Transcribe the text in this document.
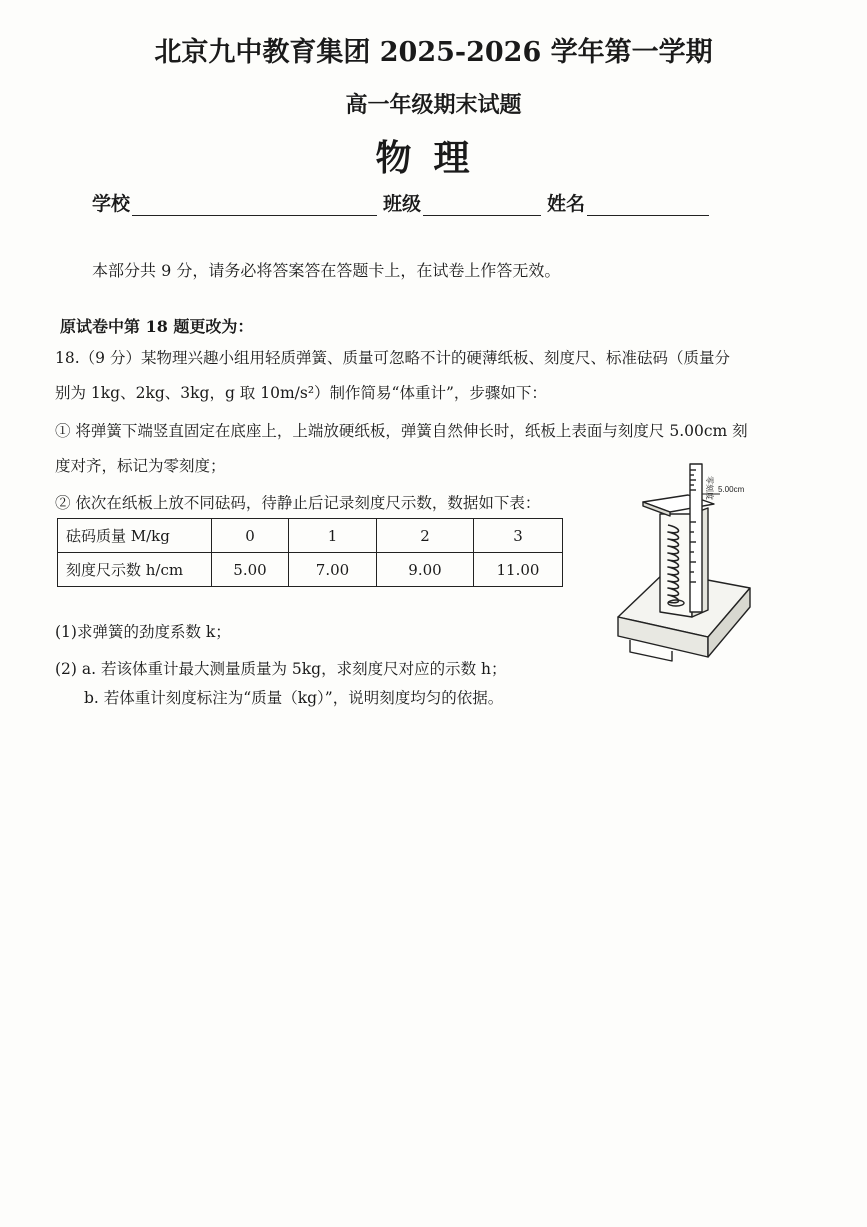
北京九中教育集团 2025-2026 学年第一学期
高一年级期末试题
物理
学校	班级	姓名
本部分共 9 分，请务必将答案答在答题卡上，在试卷上作答无效。
原试卷中第 18 题更改为：
18.（9 分）某物理兴趣小组用轻质弹簧、质量可忽略不计的硬薄纸板、刻度尺、标准砝码（质量分
别为 1kg、2kg、3kg，g 取 10m/s²）制作简易“体重计”，步骤如下：
① 将弹簧下端竖直固定在底座上，上端放硬纸板，弹簧自然伸长时，纸板上表面与刻度尺 5.00cm 刻
度对齐，标记为零刻度；
② 依次在纸板上放不同砝码，待静止后记录刻度尺示数，数据如下表：
砝码质量 M/kg	0	1	2	3
刻度尺示数 h/cm	5.00	7.00	9.00	11.00
(1)求弹簧的劲度系数 k；
(2) a. 若该体重计最大测量质量为 5kg，求刻度尺对应的示数 h；
b. 若体重计刻度标注为“质量（kg）”，说明刻度均匀的依据。
零刻度 5.00cm
